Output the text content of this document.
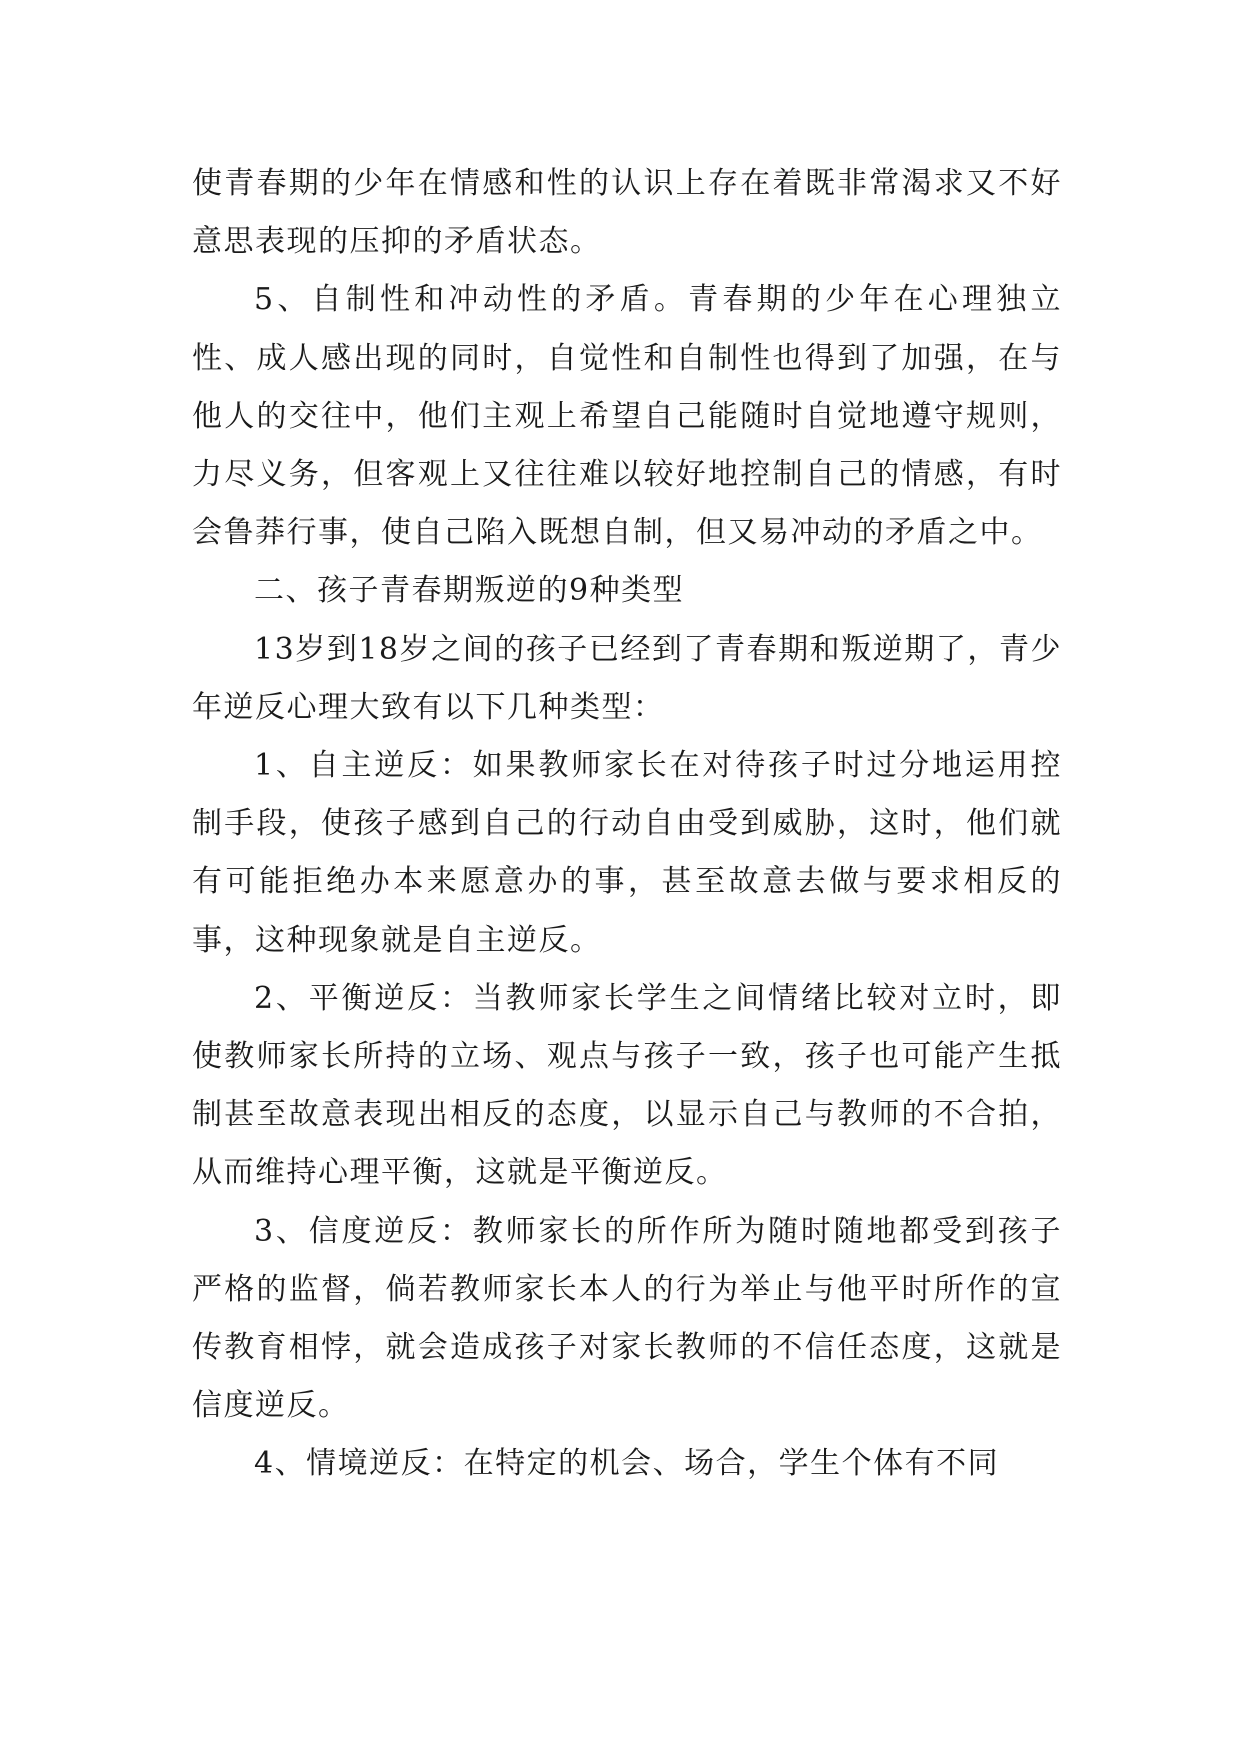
使青春期的少年在情感和性的认识上存在着既非常渴求又不好意思表现的压抑的矛盾状态。

5、自制性和冲动性的矛盾。青春期的少年在心理独立性、成人感出现的同时，自觉性和自制性也得到了加强，在与他人的交往中，他们主观上希望自己能随时自觉地遵守规则，力尽义务，但客观上又往往难以较好地控制自己的情感，有时会鲁莽行事，使自己陷入既想自制，但又易冲动的矛盾之中。

二、孩子青春期叛逆的9种类型

13岁到18岁之间的孩子已经到了青春期和叛逆期了，青少年逆反心理大致有以下几种类型：

1、自主逆反：如果教师家长在对待孩子时过分地运用控制手段，使孩子感到自己的行动自由受到威胁，这时，他们就有可能拒绝办本来愿意办的事，甚至故意去做与要求相反的事，这种现象就是自主逆反。

2、平衡逆反：当教师家长学生之间情绪比较对立时，即使教师家长所持的立场、观点与孩子一致，孩子也可能产生抵制甚至故意表现出相反的态度，以显示自己与教师的不合拍，从而维持心理平衡，这就是平衡逆反。

3、信度逆反：教师家长的所作所为随时随地都受到孩子严格的监督，倘若教师家长本人的行为举止与他平时所作的宣传教育相悖，就会造成孩子对家长教师的不信任态度，这就是信度逆反。

4、情境逆反：在特定的机会、场合，学生个体有不同
